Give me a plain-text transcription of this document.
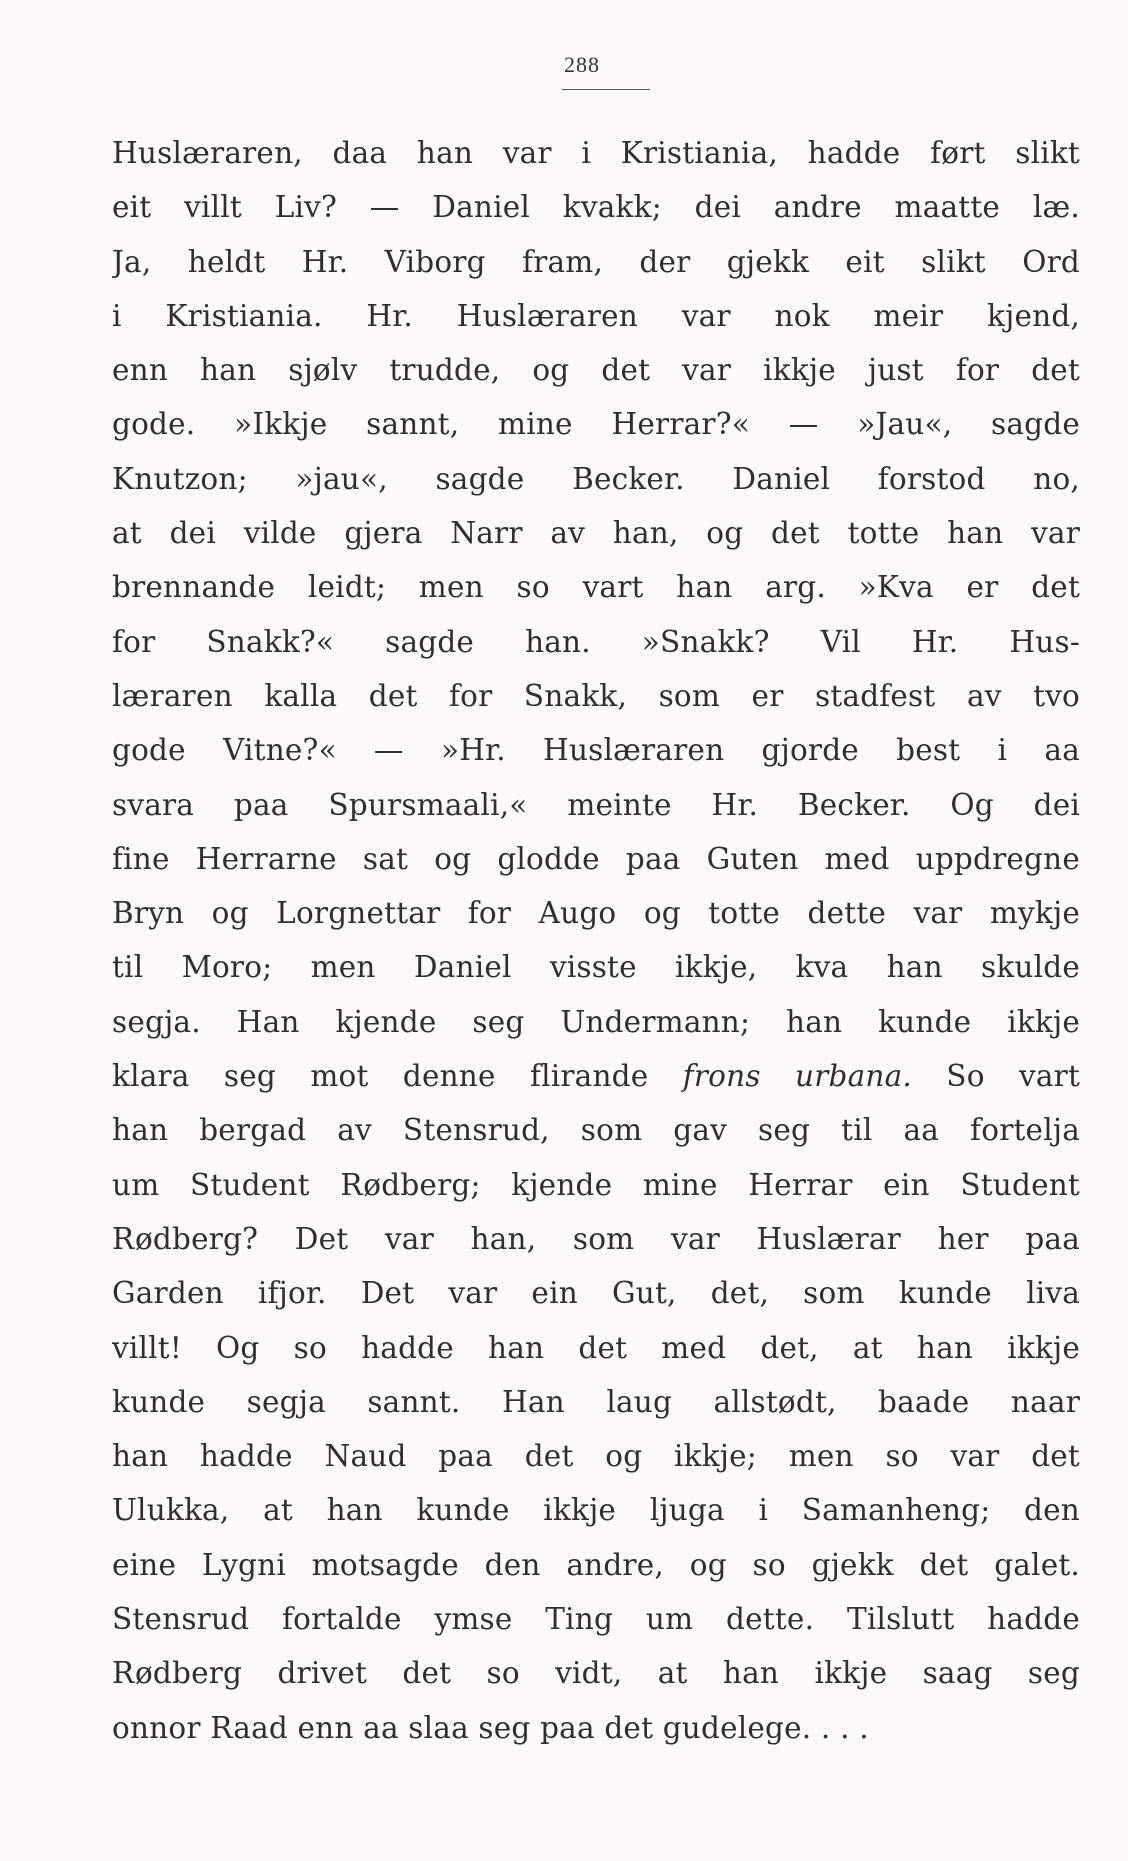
288
Huslæraren, daa han var i Kristiania, hadde ført slikt
eit villt Liv? — Daniel kvakk; dei andre maatte læ.
Ja, heldt Hr. Viborg fram, der gjekk eit slikt Ord
i Kristiania. Hr. Huslæraren var nok meir kjend,
enn han sjølv trudde, og det var ikkje just for det
gode. »Ikkje sannt, mine Herrar?« — »Jau«, sagde
Knutzon; »jau«, sagde Becker. Daniel forstod no,
at dei vilde gjera Narr av han, og det totte han var
brennande leidt; men so vart han arg. »Kva er det
for Snakk?« sagde han. »Snakk? Vil Hr. Hus-
læraren kalla det for Snakk, som er stadfest av tvo
gode Vitne?« — »Hr. Huslæraren gjorde best i aa
svara paa Spursmaali,« meinte Hr. Becker. Og dei
fine Herrarne sat og glodde paa Guten med uppdregne
Bryn og Lorgnettar for Augo og totte dette var mykje
til Moro; men Daniel visste ikkje, kva han skulde
segja. Han kjende seg Undermann; han kunde ikkje
klara seg mot denne flirande frons urbana. So vart
han bergad av Stensrud, som gav seg til aa fortelja
um Student Rødberg; kjende mine Herrar ein Student
Rødberg? Det var han, som var Huslærar her paa
Garden ifjor. Det var ein Gut, det, som kunde liva
villt! Og so hadde han det med det, at han ikkje
kunde segja sannt. Han laug allstødt, baade naar
han hadde Naud paa det og ikkje; men so var det
Ulukka, at han kunde ikkje ljuga i Samanheng; den
eine Lygni motsagde den andre, og so gjekk det galet.
Stensrud fortalde ymse Ting um dette. Tilslutt hadde
Rødberg drivet det so vidt, at han ikkje saag seg
onnor Raad enn aa slaa seg paa det gudelege. . . .
